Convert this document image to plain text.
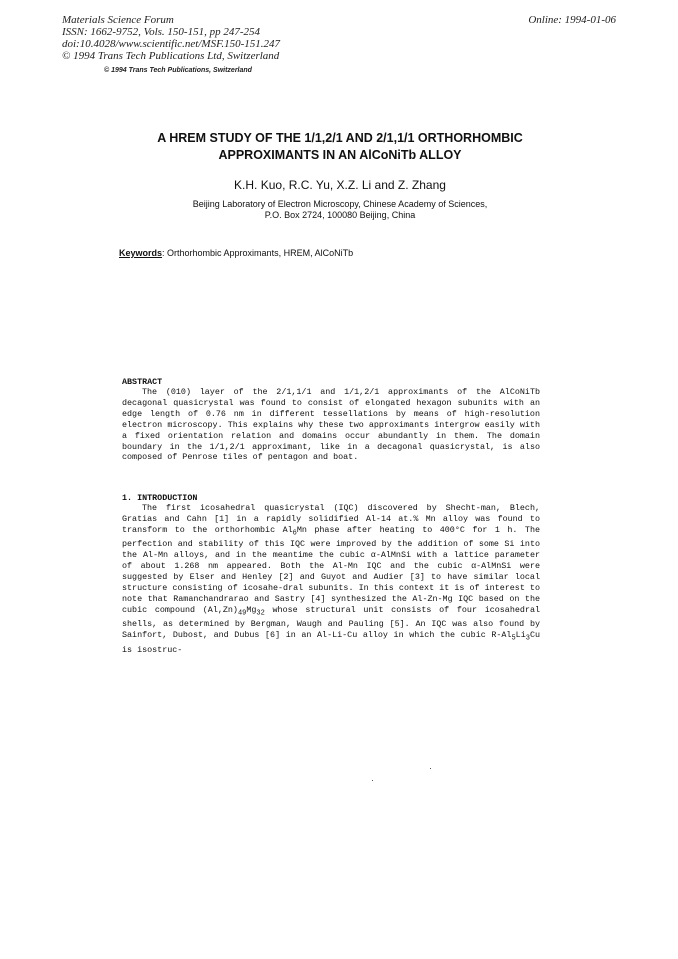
Materials Science Forum
ISSN: 1662-9752, Vols. 150-151, pp 247-254
doi:10.4028/www.scientific.net/MSF.150-151.247
© 1994 Trans Tech Publications Ltd, Switzerland
Online: 1994-01-06
© 1994 Trans Tech Publications, Switzerland
A HREM STUDY OF THE 1/1,2/1 AND 2/1,1/1 ORTHORHOMBIC
APPROXIMANTS IN AN AlCoNiTb ALLOY
K.H. Kuo, R.C. Yu, X.Z. Li and Z. Zhang
Beijing Laboratory of Electron Microscopy, Chinese Academy of Sciences,
P.O. Box 2724, 100080 Beijing, China
Keywords: Orthorhombic Approximants, HREM, AlCoNiTb
ABSTRACT

The (010) layer of the 2/1,1/1 and 1/1,2/1 approximants of the AlCoNiTb decagonal quasicrystal was found to consist of elongated hexagon subunits with an edge length of 0.76 nm in different tessellations by means of high-resolution electron microscopy. This explains why these two approximants intergrow easily with a fixed orientation relation and domains occur abundantly in them. The domain boundary in the 1/1,2/1 approximant, like in a decagonal quasicrystal, is also composed of Penrose tiles of pentagon and boat.

1. INTRODUCTION

The first icosahedral quasicrystal (IQC) discovered by Shecht-man, Blech, Gratias and Cahn [1] in a rapidly solidified Al-14 at.% Mn alloy was found to transform to the orthorhombic $Al_6Mn$ phase after heating to 400°C for 1 h. The perfection and stability of this IQC were improved by the addition of some Si into the Al-Mn alloys, and in the meantime the cubic α-AlMnSi with a lattice parameter of about 1.268 nm appeared. Both the Al-Mn IQC and the cubic α-AlMnSi were suggested by Elser and Henley [2] and Guyot and Audier [3] to have similar local structure consisting of icosahe-dral subunits. In this context it is of interest to note that Ramanchandrarao and Sastry [4] synthesized the Al-Zn-Mg IQC based on the cubic compound $(Al,Zn)_{49}Mg_{32}$ whose structural unit consists of four icosahedral shells, as determined by Bergman, Waugh and Pauling [5]. An IQC was also found by Sainfort, Dubost, and Dubus [6] in an Al-Li-Cu alloy in which the cubic $R-Al_5Li_3Cu$ is isostruc-
